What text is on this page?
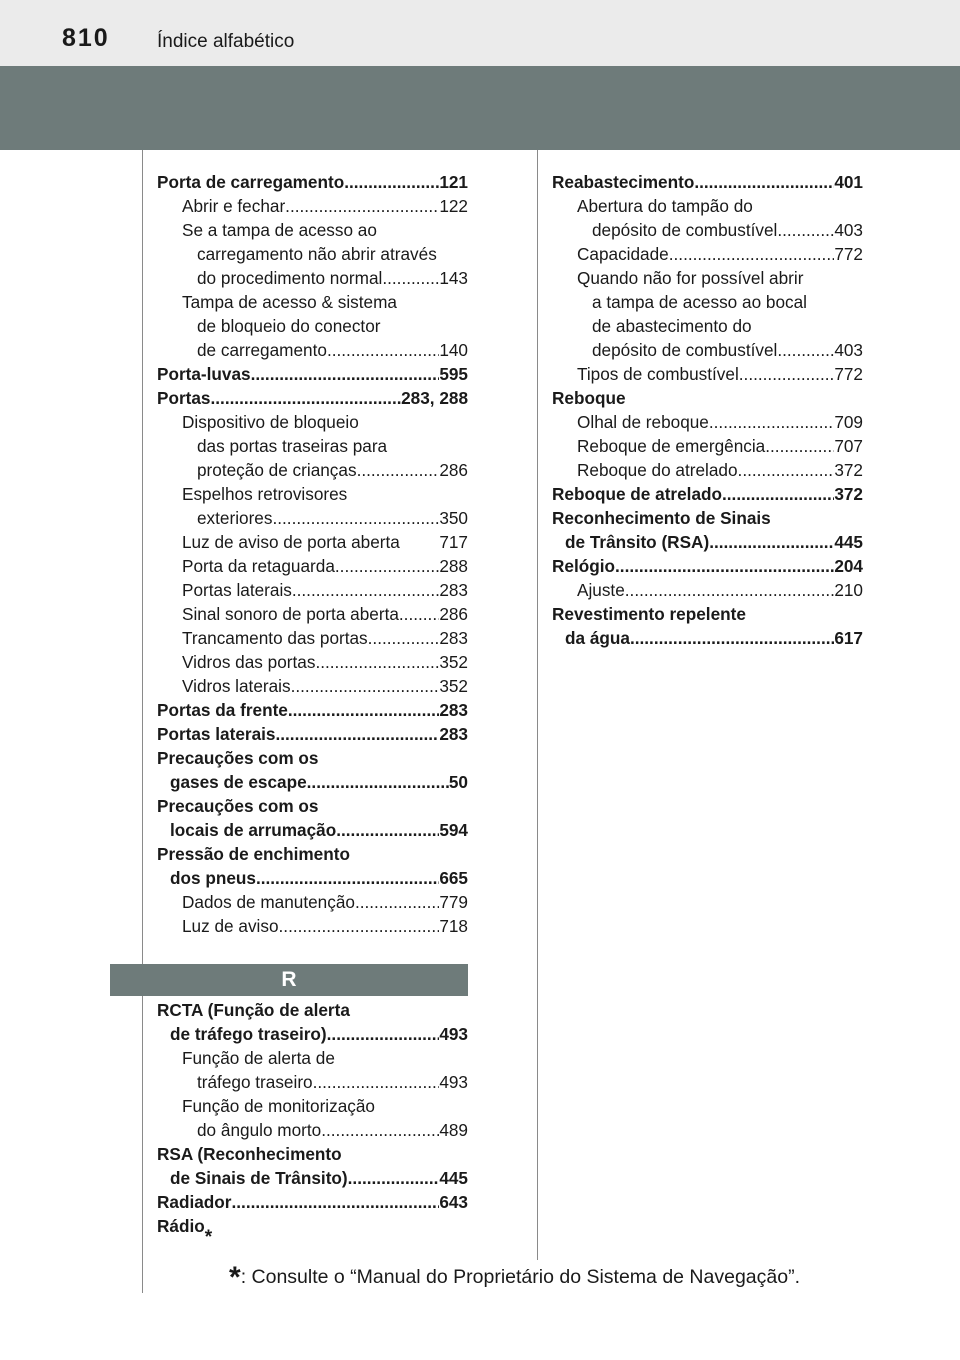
810 Índice alfabético
Porta de carregamento .....	121
Abrir e fechar .....	122
Se a tampa de acesso ao
carregamento não abrir através
do procedimento normal .....	143
Tampa de acesso & sistema
de bloqueio do conector
de carregamento .....	140
Porta-luvas .....	595
Portas .....	283, 288
Dispositivo de bloqueio
das portas traseiras para
proteção de crianças .....	286
Espelhos retrovisores
exteriores .....	350
Luz de aviso de porta aberta 717
Porta da retaguarda .....	288
Portas laterais .....	283
Sinal sonoro de porta aberta ..... 286
Trancamento das portas .....	283
Vidros das portas .....	352
Vidros laterais .....	352
Portas da frente .....	283
Portas laterais .....	283
Precauções com os
gases de escape .....	50
Precauções com os
locais de arrumação .....	594
Pressão de enchimento
dos pneus .....	665
Dados de manutenção .....	779
Luz de aviso .....	718
R
RCTA (Função de alerta
de tráfego traseiro) .....	493
Função de alerta de
tráfego traseiro .....	493
Função de monitorização
do ângulo morto .....	489
RSA (Reconhecimento
de Sinais de Trânsito) .....	445
Radiador .....	643
Rádio
*
Reabastecimento .....	401
Abertura do tampão do
depósito de combustível .....	403
Capacidade .....	772
Quando não for possível abrir
a tampa de acesso ao bocal
de abastecimento do
depósito de combustível .....	403
Tipos de combustível .....	772
Reboque
Olhal de reboque .....	709
Reboque de emergência .....	707
Reboque do atrelado .....	372
Reboque de atrelado .....	372
Reconhecimento de Sinais
de Trânsito (RSA) .....	445
Relógio .....	204
Ajuste .....	210
Revestimento repelente
da água .....	617
*: Consulte o “Manual do Proprietário do Sistema de Navegação”.
